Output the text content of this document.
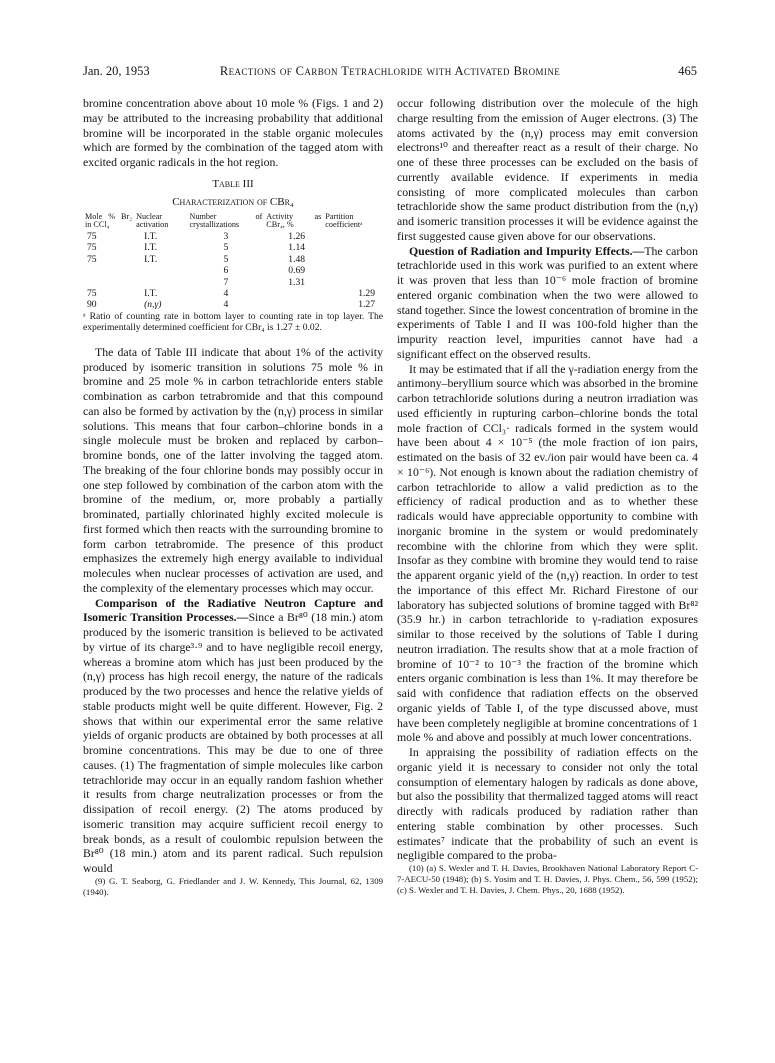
Jan. 20, 1953	Reactions of Carbon Tetrachloride with Activated Bromine	465

bromine concentration above about 10 mole % (Figs. 1 and 2) may be attributed to the increasing probability that additional bromine will be incorporated in the stable organic molecules which are formed by the combination of the tagged atom with excited organic radicals in the hot region.

Table III
Characterization of CBr₄
Mole % Br₂ in CCl₄	Nuclear activation	Number of crystallizations	Activity as CBr₄, %	Partition coefficientᵃ
75	I.T.	3	1.26	
75	I.T.	5	1.14	
75	I.T.	5	1.48	
		6	0.69	
		7	1.31	
75	I.T.	4		1.29
90	(n,γ)	4		1.27

ᵃ Ratio of counting rate in bottom layer to counting rate in top layer. The experimentally determined coefficient for CBr₄ is 1.27 ± 0.02.

The data of Table III indicate that about 1% of the activity produced by isomeric transition in solutions 75 mole % in bromine and 25 mole % in carbon tetrachloride enters stable combination as carbon tetrabromide and that this compound can also be formed by activation by the (n,γ) process in similar solutions. This means that four carbon–chlorine bonds in a single molecule must be broken and replaced by carbon–bromine bonds, one of the latter involving the tagged atom. The breaking of the four chlorine bonds may possibly occur in one step followed by combination of the carbon atom with the bromine of the medium, or, more probably a partially brominated, partially chlorinated highly excited molecule is first formed which then reacts with the surrounding bromine to form carbon tetrabromide. The presence of this product emphasizes the extremely high energy available to individual molecules when nuclear processes of activation are used, and the complexity of the elementary processes which may occur.

Comparison of the Radiative Neutron Capture and Isomeric Transition Processes.—Since a Br⁸⁰ (18 min.) atom produced by the isomeric transition is believed to be activated by virtue of its charge³·⁹ and to have negligible recoil energy, whereas a bromine atom which has just been produced by the (n,γ) process has high recoil energy, the nature of the radicals produced by the two processes and hence the relative yields of stable products might well be quite different. However, Fig. 2 shows that within our experimental error the same relative yields of organic products are obtained by both processes at all bromine concentrations. This may be due to one of three causes. (1) The fragmentation of simple molecules like carbon tetrachloride may occur in an equally random fashion whether it results from charge neutralization processes or from the dissipation of recoil energy. (2) The atoms produced by isomeric transition may acquire sufficient recoil energy to break bonds, as a result of coulombic repulsion between the Br⁸⁰ (18 min.) atom and its parent radical. Such repulsion would

(9) G. T. Seaborg, G. Friedlander and J. W. Kennedy, This Journal, 62, 1309 (1940).

occur following distribution over the molecule of the high charge resulting from the emission of Auger electrons. (3) The atoms activated by the (n,γ) process may emit conversion electrons¹⁰ and thereafter react as a result of their charge. No one of these three processes can be excluded on the basis of currently available evidence. If experiments in media consisting of more complicated molecules than carbon tetrachloride show the same product distribution from the (n,γ) and isomeric transition processes it will be evidence against the first suggested cause given above for our observations.

Question of Radiation and Impurity Effects.—The carbon tetrachloride used in this work was purified to an extent where it was proven that less than 10⁻⁶ mole fraction of bromine entered organic combination when the two were allowed to stand together. Since the lowest concentration of bromine in the experiments of Table I and II was 100-fold higher than the impurity reaction level, impurities cannot have had a significant effect on the observed results.

It may be estimated that if all the γ-radiation energy from the antimony–beryllium source which was absorbed in the bromine carbon tetrachloride solutions during a neutron irradiation was used efficiently in rupturing carbon–chlorine bonds the total mole fraction of CCl₃· radicals formed in the system would have been about 4 × 10⁻⁵ (the mole fraction of ion pairs, estimated on the basis of 32 ev./ion pair would have been ca. 4 × 10⁻⁶). Not enough is known about the radiation chemistry of carbon tetrachloride to allow a valid prediction as to the efficiency of radical production and as to whether these radicals would have appreciable opportunity to combine with inorganic bromine in the system or would predominately recombine with the chlorine from which they were split. Insofar as they combine with bromine they would tend to raise the apparent organic yield of the (n,γ) reaction. In order to test the importance of this effect Mr. Richard Firestone of our laboratory has subjected solutions of bromine tagged with Br⁸² (35.9 hr.) in carbon tetrachloride to γ-radiation exposures similar to those received by the solutions of Table I during neutron irradiation. The results show that at a mole fraction of bromine of 10⁻² to 10⁻³ the fraction of the bromine which enters organic combination is less than 1%. It may therefore be said with confidence that radiation effects on the observed organic yields of Table I, of the type discussed above, must have been completely negligible at bromine concentrations of 1 mole % and above and possibly at much lower concentrations.

In appraising the possibility of radiation effects on the organic yield it is necessary to consider not only the total consumption of elementary halogen by radicals as done above, but also the possibility that thermalized tagged atoms will react directly with radicals produced by radiation rather than entering stable combination by other processes. Such estimates⁷ indicate that the probability of such an event is negligible compared to the proba-

(10) (a) S. Wexler and T. H. Davies, Brookhaven National Laboratory Report C-7-AECU-50 (1948); (b) S. Yosim and T. H. Davies, J. Phys. Chem., 56, 599 (1952); (c) S. Wexler and T. H. Davies, J. Chem. Phys., 20, 1688 (1952).
